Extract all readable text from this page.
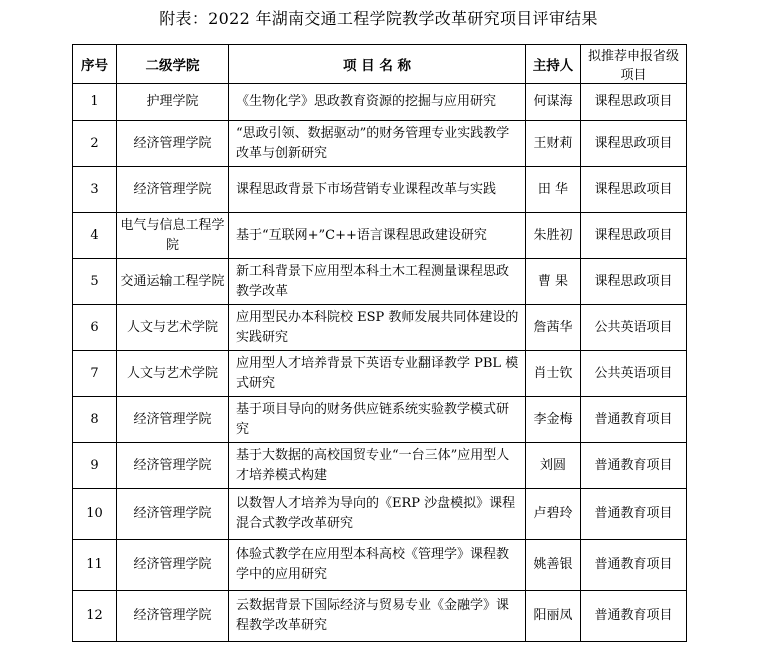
附表：2022 年湖南交通工程学院教学改革研究项目评审结果
序号	二级学院	项 目 名 称	主持人	拟推荐申报省级项目
1	护理学院	《生物化学》思政教育资源的挖掘与应用研究	何谋海	课程思政项目
2	经济管理学院	“思政引领、数据驱动”的财务管理专业实践教学改革与创新研究	王财莉	课程思政项目
3	经济管理学院	课程思政背景下市场营销专业课程改革与实践	田 华	课程思政项目
4	电气与信息工程学院	基于“互联网+”C++语言课程思政建设研究	朱胜初	课程思政项目
5	交通运输工程学院	新工科背景下应用型本科土木工程测量课程思政教学改革	曹 果	课程思政项目
6	人文与艺术学院	应用型民办本科院校 ESP 教师发展共同体建设的实践研究	詹茜华	公共英语项目
7	人文与艺术学院	应用型人才培养背景下英语专业翻译教学 PBL 模式研究	肖士钦	公共英语项目
8	经济管理学院	基于项目导向的财务供应链系统实验教学模式研究	李金梅	普通教育项目
9	经济管理学院	基于大数据的高校国贸专业“一台三体”应用型人才培养模式构建	刘圆	普通教育项目
10	经济管理学院	以数智人才培养为导向的《ERP 沙盘模拟》课程混合式教学改革研究	卢碧玲	普通教育项目
11	经济管理学院	体验式教学在应用型本科高校《管理学》课程教学中的应用研究	姚善银	普通教育项目
12	经济管理学院	云数据背景下国际经济与贸易专业《金融学》课程教学改革研究	阳丽凤	普通教育项目
